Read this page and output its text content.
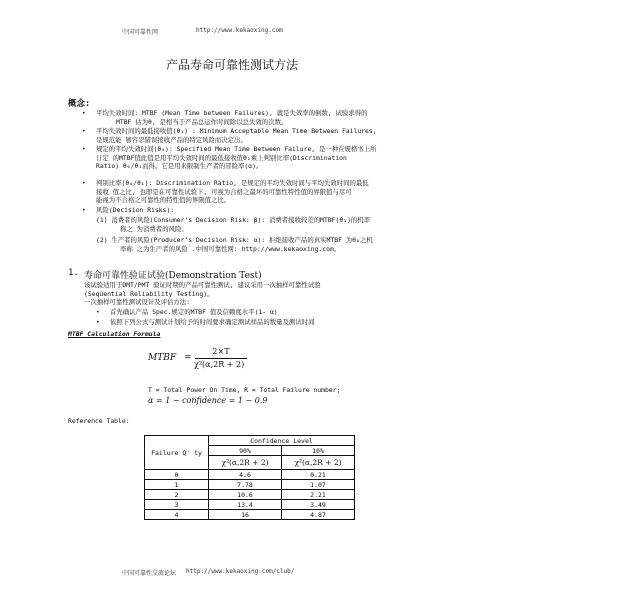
中国可靠性网	http://www.kekaoxing.com
产品寿命可靠性测试方法
概念:
• 平均失效时间: MTBF (Mean Time between Failures), 就是失效率的倒数, 试验求得的
MTBF 估为θ, 是相当于产品总运作时间除以总失效的次数。
• 平均失效时间的最低接收值(θ₁) : Minimum Acceptable Mean Time Between Failures,
是规范能 够容忍错误接收产品的特定风险而决定出。
• 规定的平均失效时间(θ₀): Specified Mean Time Between Failure, 是一种在规格书上所
订定 的MTBF值此值是用平均失效时间的最低接收值θ₁乘上判别比率(Discrimination
Ratio) θ₀/θ₁而得。它是用来限制生产者的冒险率(α)。
• 判别比率(θ₀/θ₁): Discrimination Ratio, 是规定的平均失效时间与平均失效时间的最低
接收 值之比, 也即是在可靠性试验下, 可视为合格之最坏的可靠性特性值的界限值与尽可
能视为不合格之可靠性的特性值的界限值之比。
• 风险(Decision Risks):
(1) 消费者的风险(Consumer’s Decision Risk: β): 消费者接收较差的MTBF(θ₁)的机率
称之 为消费者的风险。
(2) 生产者的风险(Producer’s Decision Risk: α): 拒绝接收产品的真实MTBF 为θ₀之机
率称 之为生产者的风险 .中国可靠性网: http://www.kekaoxing.com。
1. 寿命可靠性验证试验(Demonstration Test)
该试验适用于DMT/PMT 验证时期的产品可靠性测试, 建议采用一次抽样可靠性试验
(Sequential Reliability Testing)。
一次抽样可靠性测试设计及评估方法:
• 首先确认产品 Spec.规定的MTBF 值及信赖度水平(1- α)
• 依照下列公式与测试计划给予的时间要求确定测试样品的数量及测试时间
MTBF Calculation Formula
MTBF =
2×T
χ²(α,2R + 2)
T = Total Power On Time, R = Total Failure number;
α = 1 − confidence = 1 − 0.9
Reference Table:
Failure Q' ty	Confidence Level	
	90%	10%
	χ²(α,2R + 2)	χ²(α,2R + 2)
0	4.6	0.21
1	7.78	1.07
2	10.6	2.21
3	13.4	3.49
4	16	4.87
中国可靠性交流论坛 http://www.kekaoxing.com/club/
